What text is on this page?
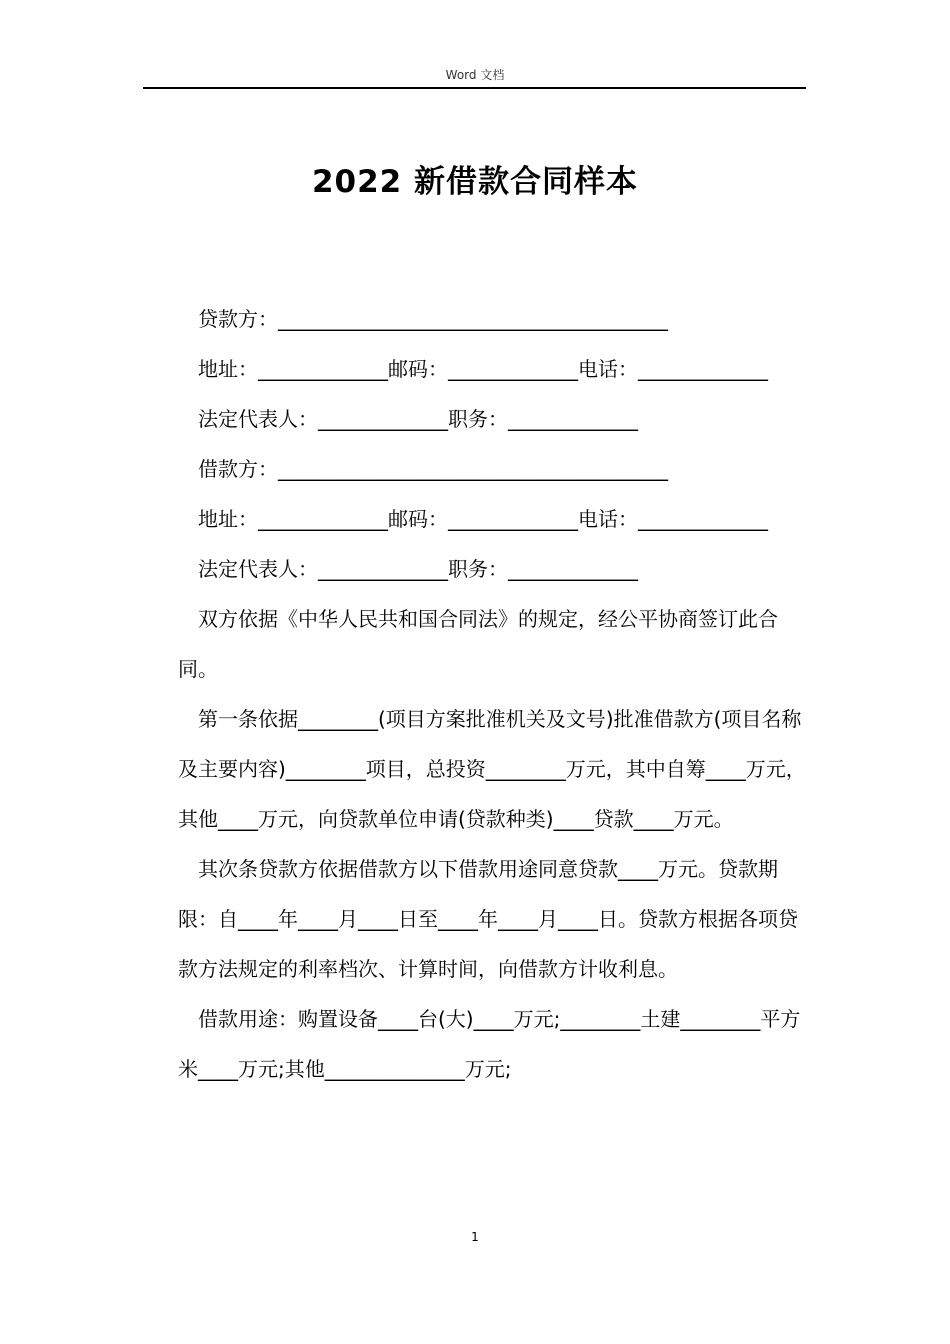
Word 文档
2022 新借款合同样本

贷款方：_______________________________________

地址：_____________邮码：_____________电话：_____________

法定代表人：_____________职务：_____________

借款方：_______________________________________

地址：_____________邮码：_____________电话：_____________

法定代表人：_____________职务：_____________

双方依据《中华人民共和国合同法》的规定，经公平协商签订此合同。

第一条依据________(项目方案批准机关及文号)批准借款方(项目名称及主要内容)________项目，总投资________万元，其中自筹____万元，其他____万元，向贷款单位申请(贷款种类)____贷款____万元。

其次条贷款方依据借款方以下借款用途同意贷款____万元。贷款期限：自____年____月____日至____年____月____日。贷款方根据各项贷款方法规定的利率档次、计算时间，向借款方计收利息。

借款用途：购置设备____台(大)____万元;________土建________平方米____万元;其他______________万元;

1
